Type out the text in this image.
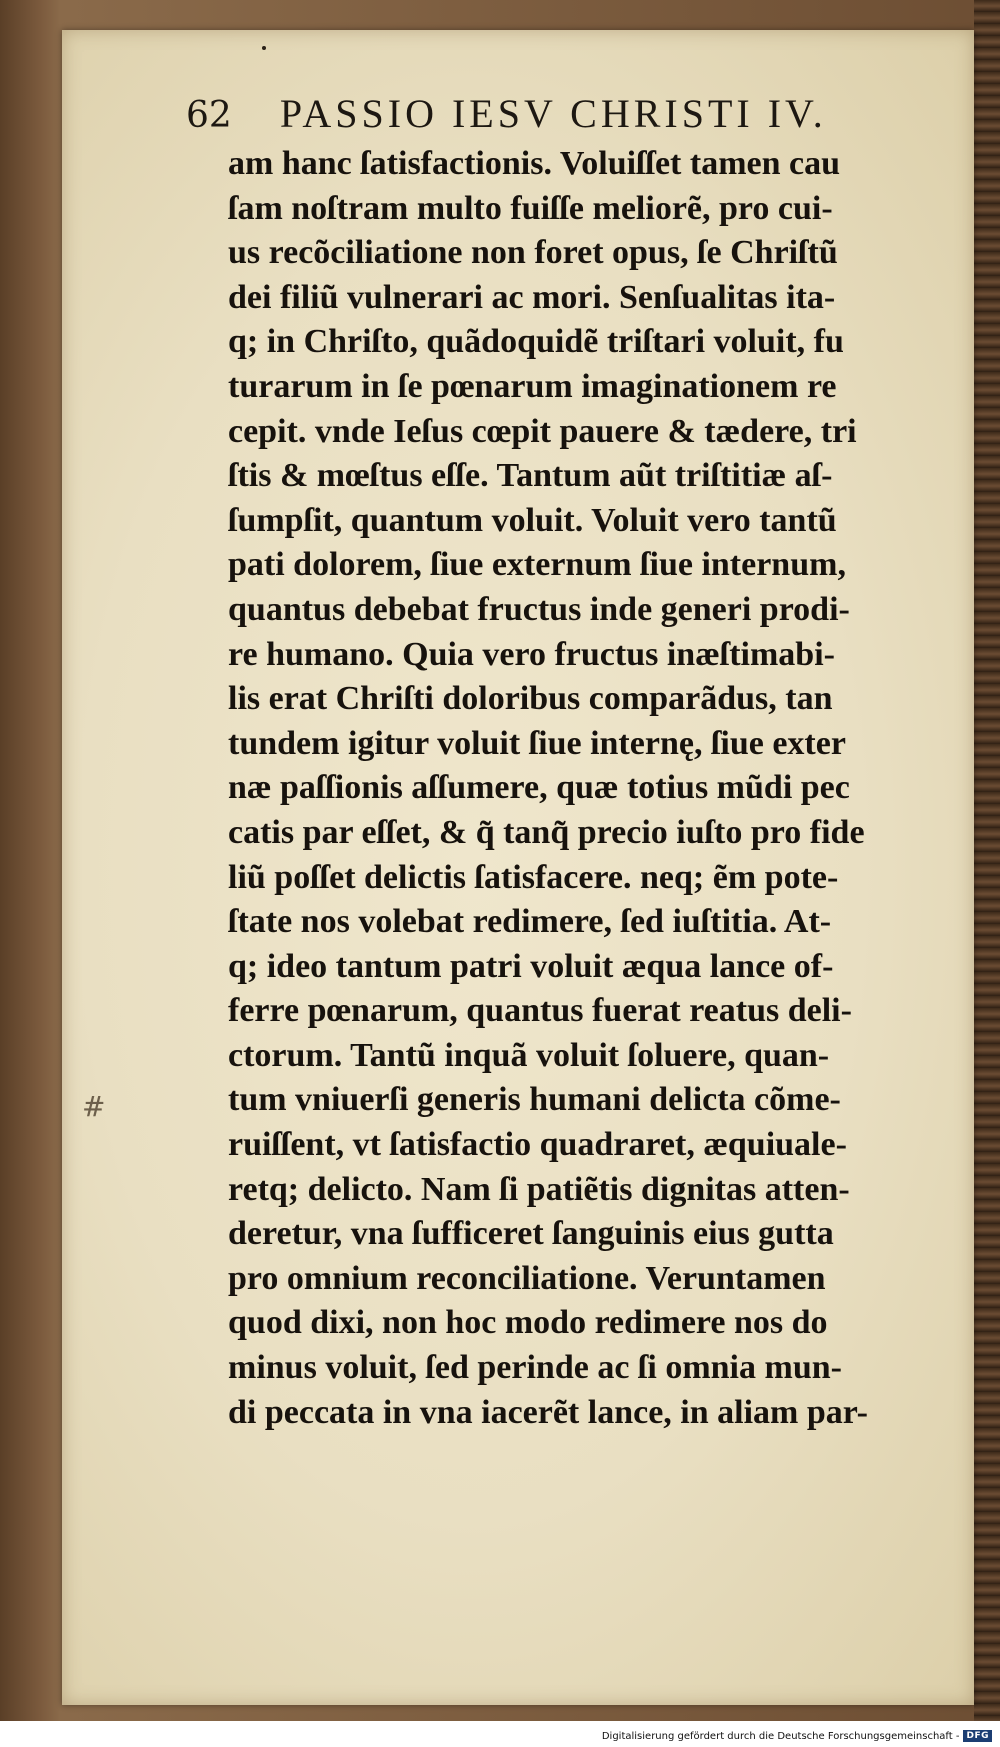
62 PASSIO IESV CHRISTI IV.
am hanc ſatisfactionis. Voluiſſet tamen cau
ſam noſtram multo fuiſſe meliorẽ, pro cui-
us recõciliatione non foret opus, ſe Chriſtũ
dei filiũ vulnerari ac mori. Senſualitas ita-
q; in Chriſto, quãdoquidẽ triſtari voluit, fu
turarum in ſe pœnarum imaginationem re
cepit. vnde Ieſus cœpit pauere & tædere, tri
ſtis & mœſtus eſſe. Tantum aũt triſtitiæ aſ-
ſumpſit, quantum voluit. Voluit vero tantũ
pati dolorem, ſiue externum ſiue internum,
quantus debebat fructus inde generi prodi-
re humano. Quia vero fructus inæſtimabi-
lis erat Chriſti doloribus comparãdus, tan
tundem igitur voluit ſiue internę, ſiue exter
næ paſſionis aſſumere, quæ totius mũdi pec
catis par eſſet, & q̃ tanq̃ precio iuſto pro fide
liũ poſſet delictis ſatisfacere. neq; ẽm pote-
ſtate nos volebat redimere, ſed iuſtitia. At-
q; ideo tantum patri voluit æqua lance of-
ferre pœnarum, quantus fuerat reatus deli-
ctorum. Tantũ inquã voluit ſoluere, quan-
tum vniuerſi generis humani delicta cõme-
ruiſſent, vt ſatisfactio quadraret, æquiuale-
retq; delicto. Nam ſi patiẽtis dignitas atten-
deretur, vna ſufficeret ſanguinis eius gutta
pro omnium reconciliatione. Veruntamen
quod dixi, non hoc modo redimere nos do
minus voluit, ſed perinde ac ſi omnia mun-
di peccata in vna iacerẽt lance, in aliam par-
#
Digitalisierung gefördert durch die Deutsche Forschungsgemeinschaft - DFG
